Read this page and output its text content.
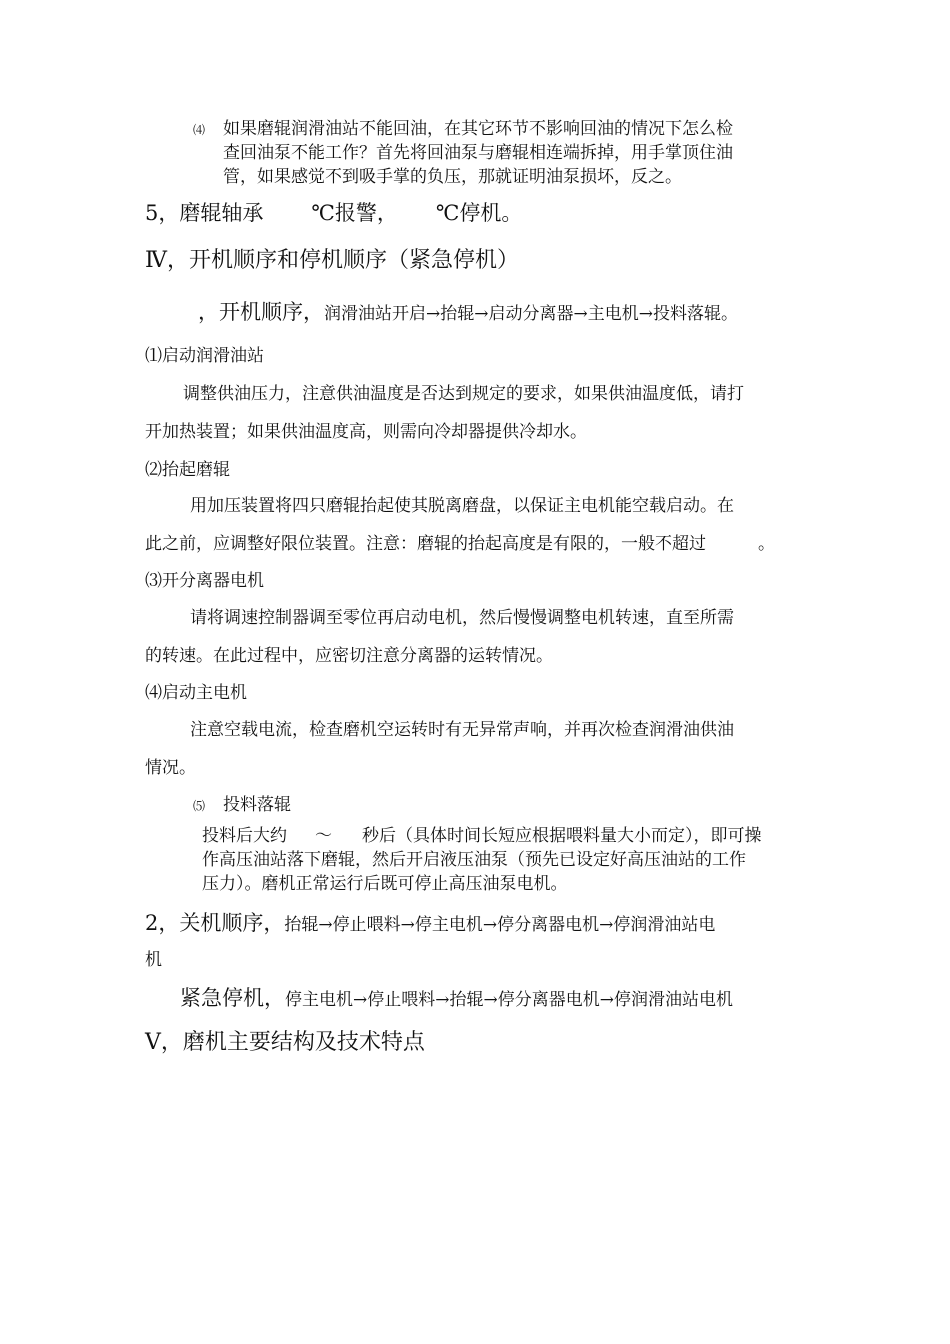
⑷ 如果磨辊润滑油站不能回油，在其它环节不影响回油的情况下怎么检
查回油泵不能工作？首先将回油泵与磨辊相连端拆掉，用手掌顶住油
管，如果感觉不到吸手掌的负压，那就证明油泵损坏，反之。
5，磨辊轴承 ℃报警， ℃停机。
Ⅳ，开机顺序和停机顺序（紧急停机）
，开机顺序，润滑油站开启→抬辊→启动分离器→主电机→投料落辊。
⑴启动润滑油站
调整供油压力，注意供油温度是否达到规定的要求，如果供油温度低，请打
开加热装置；如果供油温度高，则需向冷却器提供冷却水。
⑵抬起磨辊
用加压装置将四只磨辊抬起使其脱离磨盘，以保证主电机能空载启动。在
此之前，应调整好限位装置。注意：磨辊的抬起高度是有限的，一般不超过	。
⑶开分离器电机
请将调速控制器调至零位再启动电机，然后慢慢调整电机转速，直至所需
的转速。在此过程中，应密切注意分离器的运转情况。
⑷启动主电机
注意空载电流，检查磨机空运转时有无异常声响，并再次检查润滑油供油
情况。
⑸ 投料落辊
投料后大约 ～ 秒后（具体时间长短应根据喂料量大小而定），即可操
作高压油站落下磨辊，然后开启液压油泵（预先已设定好高压油站的工作
压力）。磨机正常运行后既可停止高压油泵电机。
2，关机顺序，抬辊→停止喂料→停主电机→停分离器电机→停润滑油站电
机
紧急停机，停主电机→停止喂料→抬辊→停分离器电机→停润滑油站电机
Ⅴ，磨机主要结构及技术特点
